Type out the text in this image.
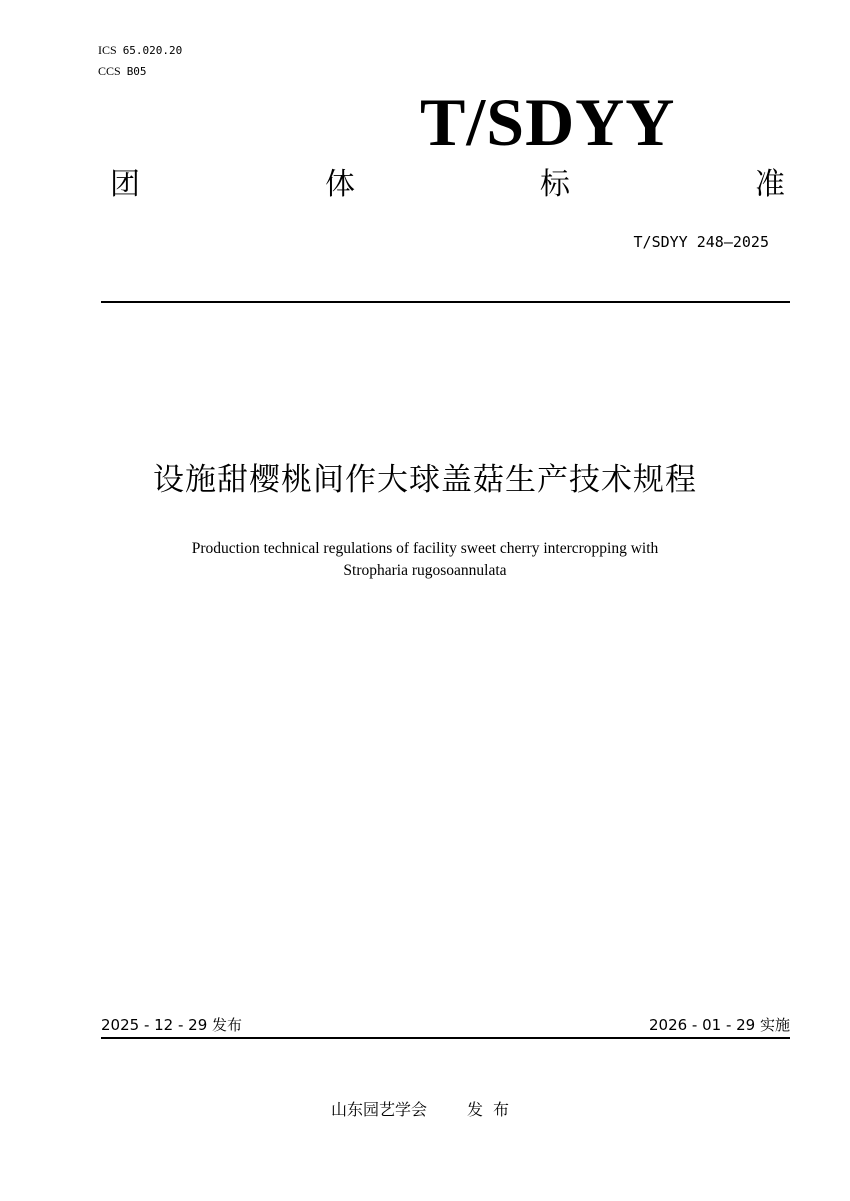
ICS 65.020.20
CCS B05
T/SDYY
团	体	标	准
T/SDYY 248—2025
设施甜樱桃间作大球盖菇生产技术规程
Production technical regulations of facility sweet cherry intercropping with
Stropharia rugosoannulata
2025 - 12 - 29 发布	2026 - 01 - 29 实施
山东园艺学会	发布
